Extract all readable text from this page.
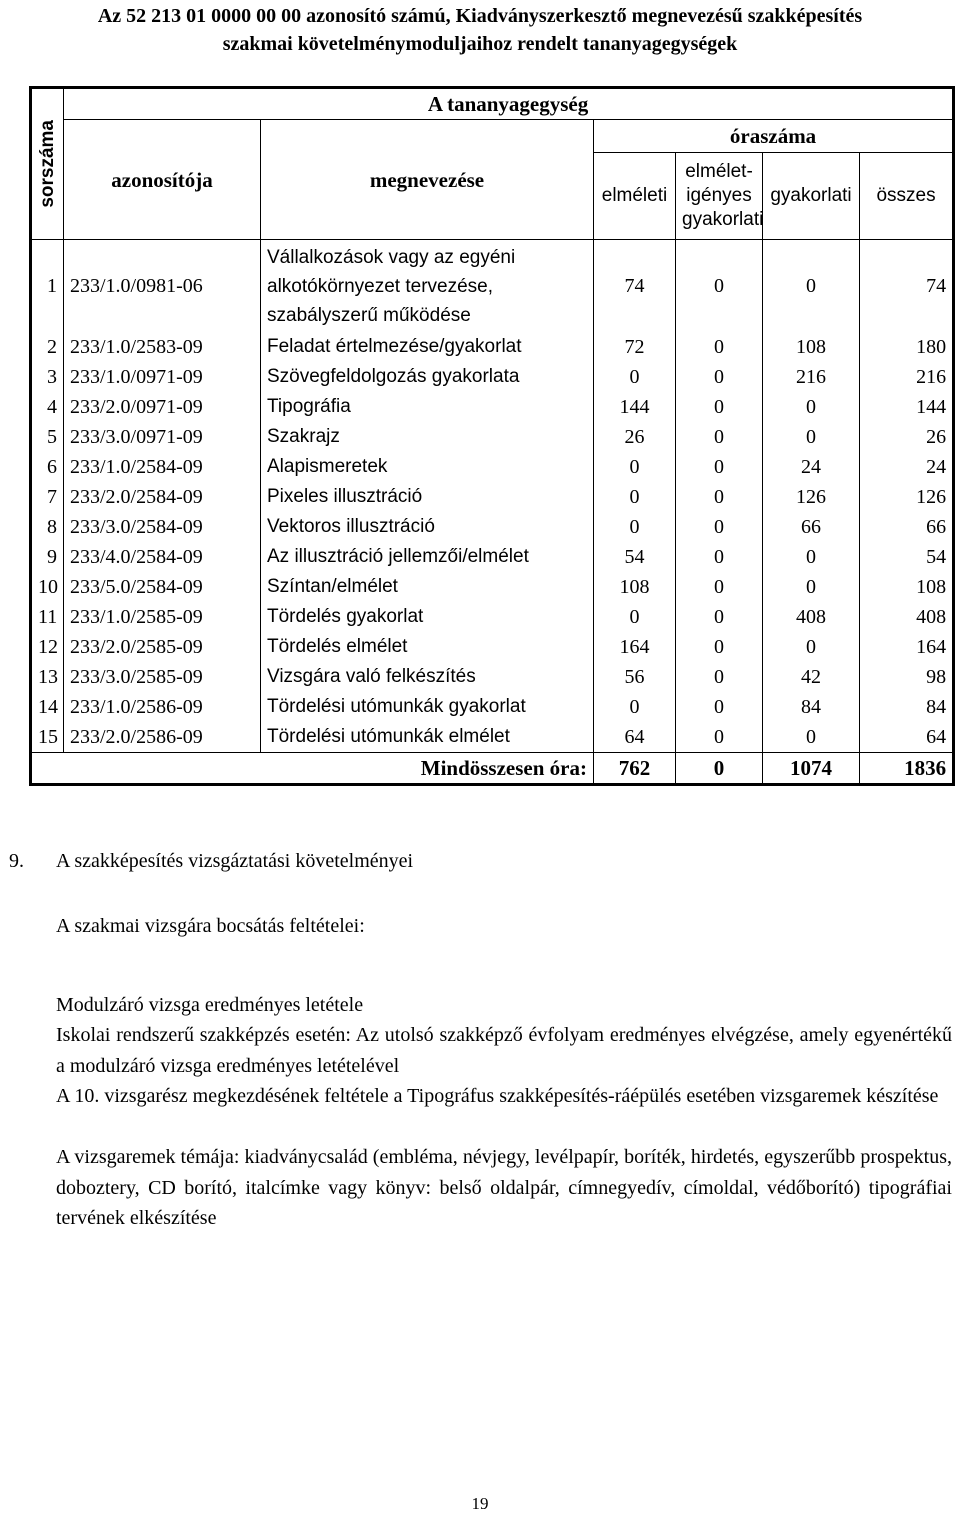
Az 52 213 01 0000 00 00 azonosító számú, Kiadványszerkesztő megnevezésű szakképesítés
szakmai követelménymoduljaihoz rendelt tananyagegységek
sorszáma	A tananyagegység					
	azonosítója	megnevezése	óraszáma			
			elméleti	elmélet-igényes gyakorlati	gyakorlati	összes
1	233/1.0/0981-06	Vállalkozások vagy az egyéni alkotókörnyezet tervezése, szabályszerű működése	74	0	0	74
2	233/1.0/2583-09	Feladat értelmezése/gyakorlat	72	0	108	180
3	233/1.0/0971-09	Szövegfeldolgozás gyakorlata	0	0	216	216
4	233/2.0/0971-09	Tipográfia	144	0	0	144
5	233/3.0/0971-09	Szakrajz	26	0	0	26
6	233/1.0/2584-09	Alapismeretek	0	0	24	24
7	233/2.0/2584-09	Pixeles illusztráció	0	0	126	126
8	233/3.0/2584-09	Vektoros illusztráció	0	0	66	66
9	233/4.0/2584-09	Az illusztráció jellemzői/elmélet	54	0	0	54
10	233/5.0/2584-09	Színtan/elmélet	108	0	0	108
11	233/1.0/2585-09	Tördelés gyakorlat	0	0	408	408
12	233/2.0/2585-09	Tördelés elmélet	164	0	0	164
13	233/3.0/2585-09	Vizsgára való felkészítés	56	0	42	98
14	233/1.0/2586-09	Tördelési utómunkák gyakorlat	0	0	84	84
15	233/2.0/2586-09	Tördelési utómunkák elmélet	64	0	0	64
Mindösszesen óra:			762	0	1074	1836
9. A szakképesítés vizsgáztatási követelményei
A szakmai vizsgára bocsátás feltételei:
Modulzáró vizsga eredményes letétele
Iskolai rendszerű szakképzés esetén: Az utolsó szakképző évfolyam eredményes elvégzése, amely egyenértékű a modulzáró vizsga eredményes letételével
A 10. vizsgarész megkezdésének feltétele a Tipográfus szakképesítés-ráépülés esetében vizsgaremek készítése
A vizsgaremek témája: kiadványcsalád (embléma, névjegy, levélpapír, boríték, hirdetés, egyszerűbb prospektus, doboztery, CD borító, italcímke vagy könyv: belső oldalpár, címnegyedív, címoldal, védőborító) tipográfiai tervének elkészítése
19
